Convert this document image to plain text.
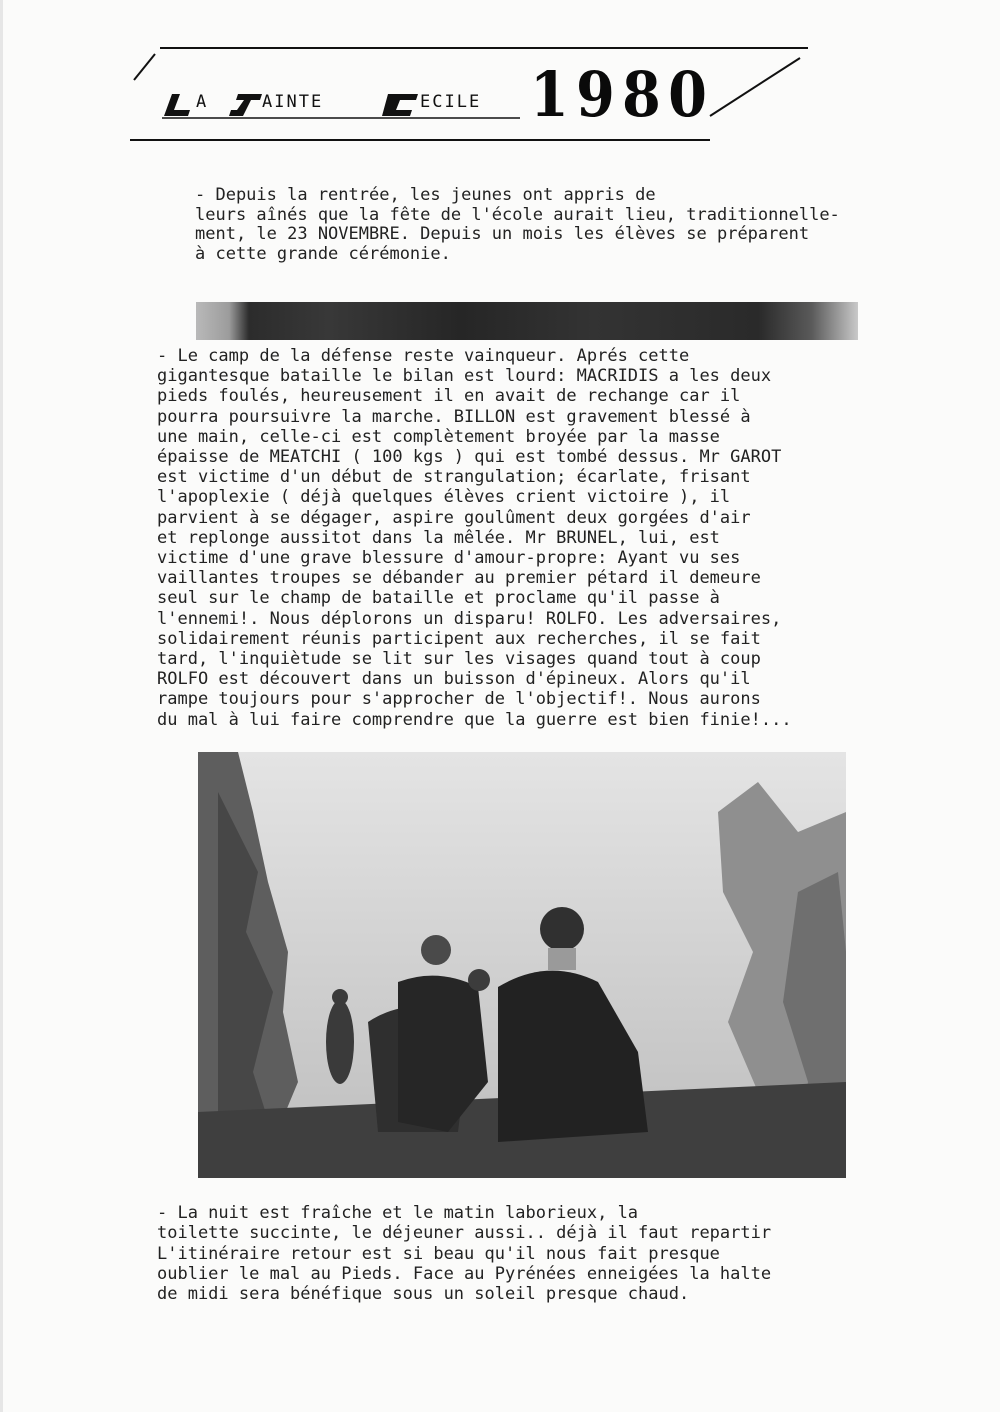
A	AINTE	ECILE 1980
- Depuis la rentrée, les jeunes ont appris de
leurs aînés que la fête de l'école aurait lieu, traditionnelle-
ment, le 23 NOVEMBRE. Depuis un mois les élèves se préparent
à cette grande cérémonie.
- Le camp de la défense reste vainqueur. Aprés cette
gigantesque bataille le bilan est lourd: MACRIDIS a les deux
pieds foulés, heureusement il en avait de rechange car il
pourra poursuivre la marche. BILLON est gravement blessé à
une main, celle-ci est complètement broyée par la masse
épaisse de MEATCHI ( 100 kgs ) qui est tombé dessus. Mr GAROT
est victime d'un début de strangulation; écarlate, frisant
l'apoplexie ( déjà quelques élèves crient victoire ), il
parvient à se dégager, aspire goulûment deux gorgées d'air
et replonge aussitot dans la mêlée. Mr BRUNEL, lui, est
victime d'une grave blessure d'amour-propre: Ayant vu ses
vaillantes troupes se débander au premier pétard il demeure
seul sur le champ de bataille et proclame qu'il passe à
l'ennemi!. Nous déplorons un disparu! ROLFO. Les adversaires,
solidairement réunis participent aux recherches, il se fait
tard, l'inquiètude se lit sur les visages quand tout à coup
ROLFO est découvert dans un buisson d'épineux. Alors qu'il
rampe toujours pour s'approcher de l'objectif!. Nous aurons
du mal à lui faire comprendre que la guerre est bien finie!...
- La nuit est fraîche et le matin laborieux, la
toilette succinte, le déjeuner aussi.. déjà il faut repartir
L'itinéraire retour est si beau qu'il nous fait presque
oublier le mal au Pieds. Face au Pyrénées enneigées la halte
de midi sera bénéfique sous un soleil presque chaud.
